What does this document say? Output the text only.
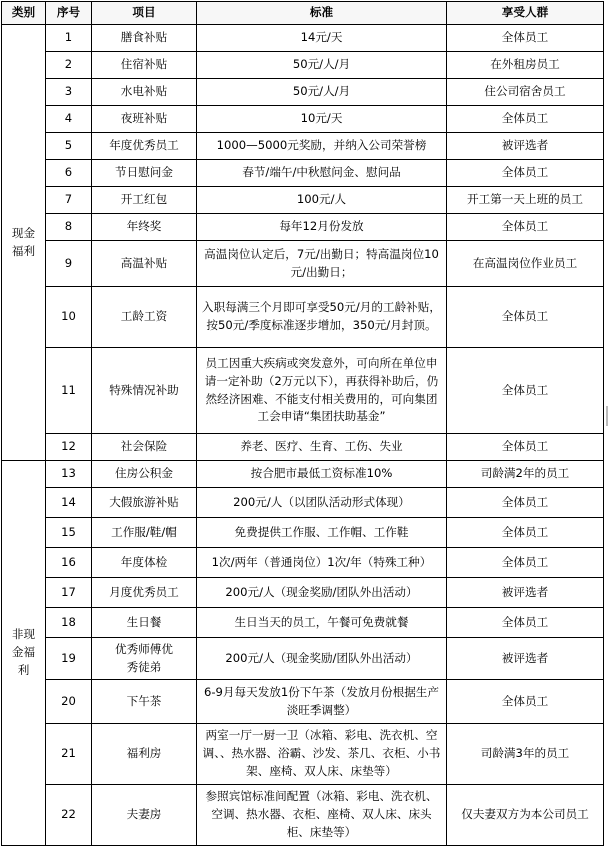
类别	序号	项目	标准	享受人群

现金福利	1	膳食补贴	14元/天	全体员工
	2	住宿补贴	50元/人/月	在外租房员工
	3	水电补贴	50元/人/月	住公司宿舍员工
	4	夜班补贴	10元/天	全体员工
	5	年度优秀员工	1000—5000元奖励，并纳入公司荣誉榜	被评选者
	6	节日慰问金	春节/端午/中秋慰问金、慰问品	全体员工
	7	开工红包	100元/人	开工第一天上班的员工
	8	年终奖	每年12月份发放	全体员工
	9	高温补贴	高温岗位认定后，7元/出勤日；特高温岗位10元/出勤日；	在高温岗位作业员工
	10	工龄工资	入职每满三个月即可享受50元/月的工龄补贴，按50元/季度标准逐步增加，350元/月封顶。	全体员工
	11	特殊情况补助	员工因重大疾病或突发意外，可向所在单位申请一定补助（2万元以下），再获得补助后，仍然经济困难、不能支付相关费用的，可向集团工会申请“集团扶助基金”	全体员工
	12	社会保险	养老、医疗、生育、工伤、失业	全体员工

非现金福利	13	住房公积金	按合肥市最低工资标准10%	司龄满2年的员工
	14	大假旅游补贴	200元/人（以团队活动形式体现）	全体员工
	15	工作服/鞋/帽	免费提供工作服、工作帽、工作鞋	全体员工
	16	年度体检	1次/两年（普通岗位）1次/年（特殊工种）	全体员工
	17	月度优秀员工	200元/人（现金奖励/团队外出活动）	被评选者
	18	生日餐	生日当天的员工，午餐可免费就餐	全体员工
	19	优秀师傅优秀徒弟	200元/人（现金奖励/团队外出活动）	被评选者
	20	下午茶	6-9月每天发放1份下午茶（发放月份根据生产淡旺季调整）	全体员工
	21	福利房	两室一厅一厨一卫（冰箱、彩电、洗衣机、空调、、热水器、浴霸、沙发、茶几、衣柜、小书架、座椅、双人床、床垫等）	司龄满3年的员工
	22	夫妻房	参照宾馆标准间配置（冰箱、彩电、洗衣机、空调、热水器、衣柜、座椅、双人床、床头柜、床垫等）	仅夫妻双方为本公司员工
